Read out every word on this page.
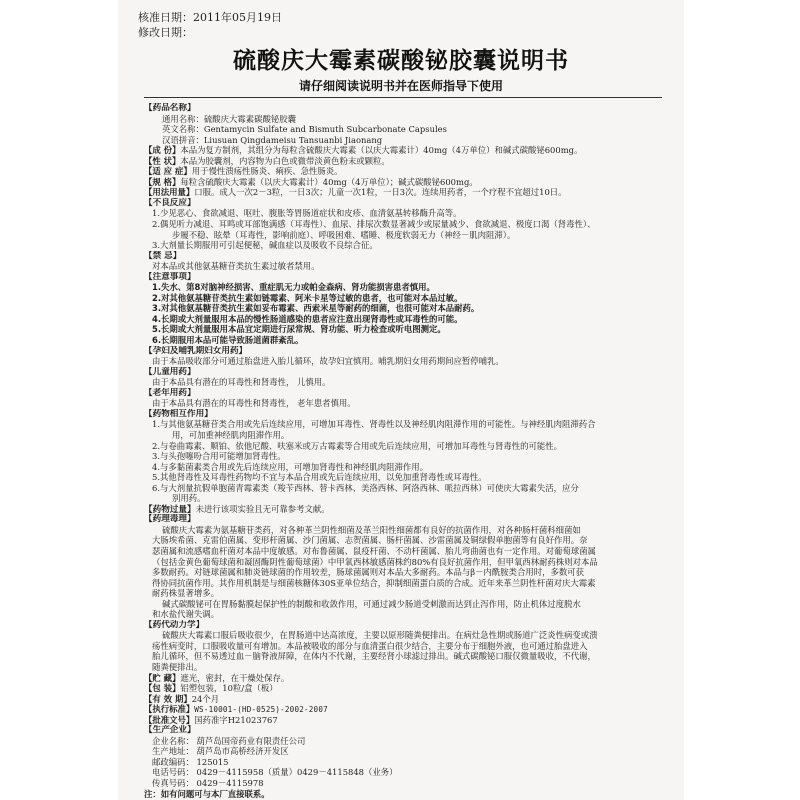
核准日期：2011年05月19日
修改日期：
硫酸庆大霉素碳酸铋胶囊说明书
请仔细阅读说明书并在医师指导下使用
【药品名称】
通用名称：硫酸庆大霉素碳酸铋胶囊
英文名称：Gentamycin Sulfate and Bismuth Subcarbonate Capsules
汉语拼音：Liusuan Qingdameisu Tansuanbi Jiaonang
【成 份】本品为复方制剂，其组分为每粒含硫酸庆大霉素（以庆大霉素计）40mg（4万单位）和碱式碳酸铋600mg。
【性 状】本品为胶囊剂，内容物为白色或微带淡黄色粉末或颗粒。
【适 应 症】用于慢性溃疡性肠炎、痢疾、急性肠炎。
【规 格】每粒含硫酸庆大霉素（以庆大霉素计）40mg（4万单位）；碱式碳酸铋600mg。
【用法用量】口服。成人一次2－3粒，一日3次；儿童一次1粒，一日3次。连续用药者，一个疗程不宜超过10日。
【不良反应】
1.少见恶心、食欲减退、呕吐、腹胀等胃肠道症状和皮疹、血清氨基转移酶升高等。
2.偶见听力减退、耳鸣或耳部饱满感（耳毒性）、血尿、排尿次数显著减少或尿量减少、食欲减退、极度口渴（肾毒性）、
步履不稳、眩晕（耳毒性，影响前庭）、呼吸困难、嗜睡、极度软弱无力（神经－肌肉阻滞）。
3.大剂量长期服用可引起便秘，碱血症以及吸收不良综合征。
【禁 忌】
对本品或其他氨基糖苷类抗生素过敏者禁用。
【注意事项】
1.失水、第8对脑神经损害、重症肌无力或帕金森病、肾功能损害患者慎用。
2.对其他氨基糖苷类抗生素如链霉素、阿米卡星等过敏的患者，也可能对本品过敏。
3.对其他氨基糖苷类抗生素如妥布霉素、西索米星等耐药的细菌，也很可能对本品耐药。
4.长期或大剂量服用本品的慢性肠道感染的患者应注意出现肾毒性或耳毒性的可能。
5.长期或大剂量服用本品宜定期进行尿常规、肾功能、听力检查或听电图测定。
6.长期服用本品可能导致肠道菌群紊乱。
【孕妇及哺乳期妇女用药】
由于本品吸收部分可通过胎盘进入胎儿循环，故孕妇宜慎用。哺乳期妇女用药期间应暂停哺乳。
【儿童用药】
由于本品具有潜在的耳毒性和肾毒性， 儿慎用。
【老年用药】
由于本品具有潜在的耳毒性和肾毒性， 老年患者慎用。
【药物相互作用】
1.与其他氨基糖苷类合用或先后连续应用，可增加耳毒性、肾毒性以及神经肌肉阻滞作用的可能性。与神经肌肉阻滞药合
用，可加重神经肌肉阻滞作用。
2.与卷曲霉素、顺铂、依他尼酸、呋塞米或万古霉素等合用或先后连续应用，可增加耳毒性与肾毒性的可能性。
3.与头孢噻吩合用可能增加肾毒性。
4.与多黏菌素类合用或先后连续应用，可增加肾毒性和神经肌肉阻滞作用。
5.其他肾毒性及耳毒性药物均不宜与本品合用或先后连续应用，以免加重肾毒性或耳毒性。
6.与大剂量抗假单胞菌青霉素类（羧苄西林、替卡西林、美洛西林、阿洛西林、哌拉西林）可使庆大霉素失活，应分
别用药。
【药物过量】未进行该项实验且无可靠参考文献。
【药理毒理】
硫酸庆大霉素为氨基糖苷类药，对各种革兰阴性细菌及革兰阳性细菌都有良好的抗菌作用，对各种肠杆菌科细菌如
大肠埃希菌、克雷伯菌属、变形杆菌属、沙门菌属、志贺菌属、肠杆菌属、沙雷菌属及铜绿假单胞菌等有良好作用。奈
瑟菌属和流感嗜血杆菌对本品中度敏感。对布鲁菌属、鼠疫杆菌、不动杆菌属、胎儿弯曲菌也有一定作用。对葡萄球菌属
（包括金黄色葡萄球菌和凝固酶阴性葡萄球菌）中甲氧西林敏感菌株约80%有良好抗菌作用，但甲氧西林耐药株则对本品
多数耐药。对链球菌属和肺炎链球菌的作用较差，肠球菌属则对本品大多耐药。本品与β－内酰胺类合用时，多数可获
得协同抗菌作用。其作用机制是与细菌核糖体30S亚单位结合，抑制细菌蛋白质的合成。近年来革兰阴性杆菌对庆大霉素
耐药株显著增多。
碱式碳酸铋可在胃肠黏膜起保护性的制酸和收敛作用，可通过减少肠道受刺激而达到止泻作用，防止机体过度脱水
和水盐代谢失调。
【药代动力学】
硫酸庆大霉素口服后吸收很少，在胃肠道中达高浓度，主要以原形随粪便排出。在病灶急性期或肠道广泛炎性病变或溃
疡性病变时，口服吸收量可有增加。本品被吸收的部分与血清蛋白很少结合，主要分布于细胞外液，也可通过胎盘进入
胎儿循环，但不易透过血－脑脊液屏障，在体内不代谢，主要经肾小球滤过排出。碱式碳酸铋口服仅微量吸收，不代谢，
随粪便排出。
【贮 藏】遮光，密封，在干燥处保存。
【包 装】铝塑包装，10粒/盒（板）
【有 效 期】24个月
【执行标准】WS-10001-(HD-0525)-2002-2007
【批准文号】国药准字H21023767
【生产企业】
企业名称： 葫芦岛国帝药业有限责任公司
生产地址： 葫芦岛市高桥经济开发区
邮政编码： 125015
电话号码： 0429－4115958（质量）0429－4115848（业务）
传真号码： 0429－4115978
注：如有问题可与本厂直接联系。
